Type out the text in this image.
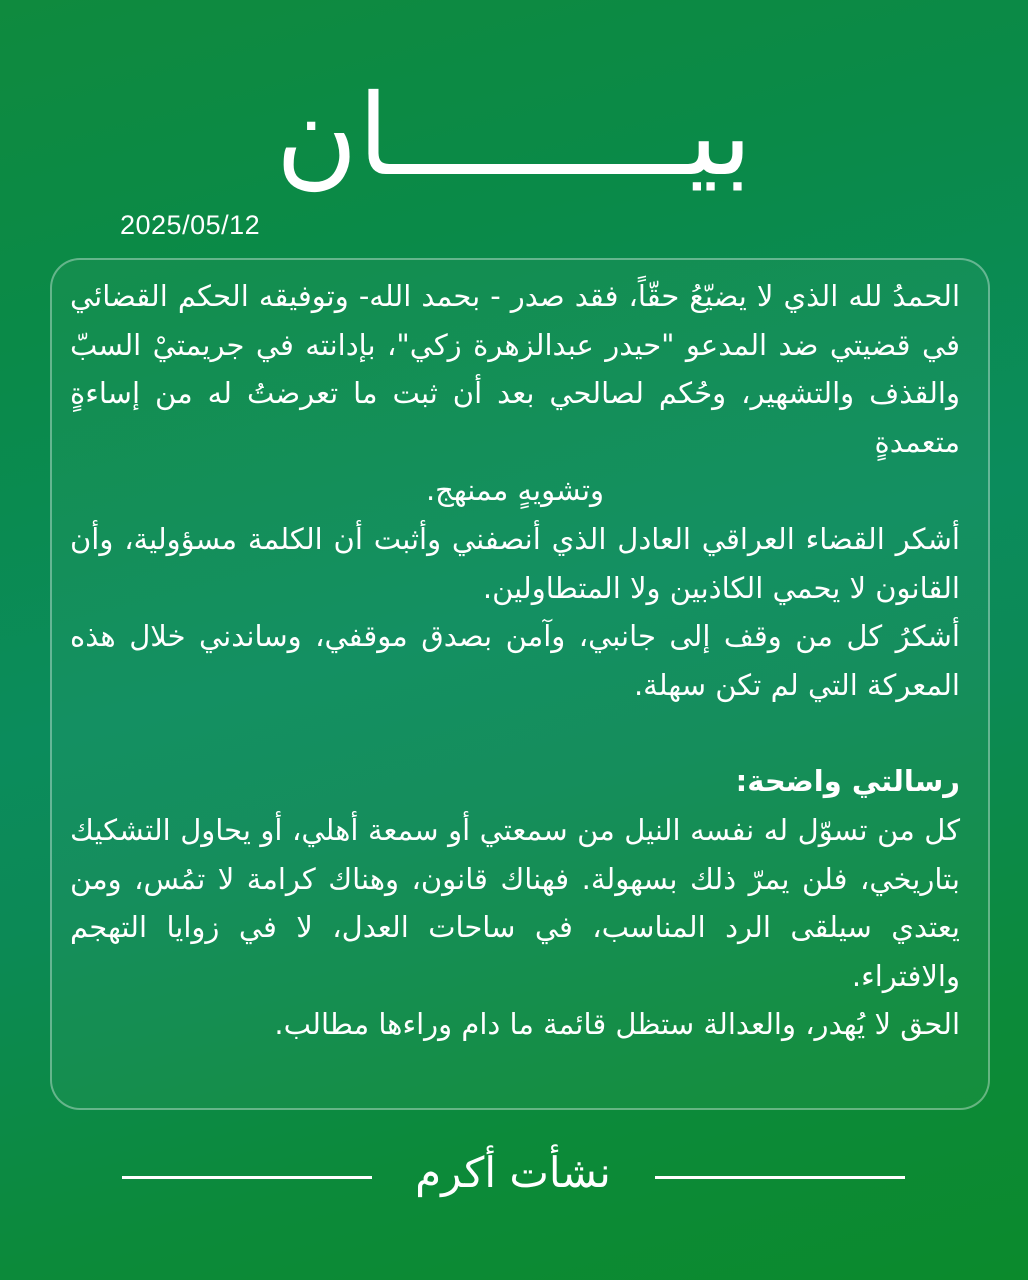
بيـــــــــان
2025/05/12

الحمدُ لله الذي لا يضيّعُ حقّاً، فقد صدر - بحمد الله- وتوفيقه الحكم القضائي في قضيتي ضد المدعو "حيدر عبدالزهرة زكي"، بإدانته في جريمتيْ السبّ والقذف والتشهير، وحُكم لصالحي بعد أن ثبت ما تعرضتُ له من إساءةٍ متعمدةٍ

وتشويهٍ ممنهج.

أشكر القضاء العراقي العادل الذي أنصفني وأثبت أن الكلمة مسؤولية، وأن القانون لا يحمي الكاذبين ولا المتطاولين.

أشكرُ كل من وقف إلى جانبي، وآمن بصدق موقفي، وساندني خلال هذه المعركة التي لم تكن سهلة.

رسالتي واضحة:

كل من تسوّل له نفسه النيل من سمعتي أو سمعة أهلي، أو يحاول التشكيك بتاريخي، فلن يمرّ ذلك بسهولة. فهناك قانون، وهناك كرامة لا تمُس، ومن يعتدي سيلقى الرد المناسب، في ساحات العدل، لا في زوايا التهجم والافتراء.

الحق لا يُهدر، والعدالة ستظل قائمة ما دام وراءها مطالب.

نشأت أكرم
